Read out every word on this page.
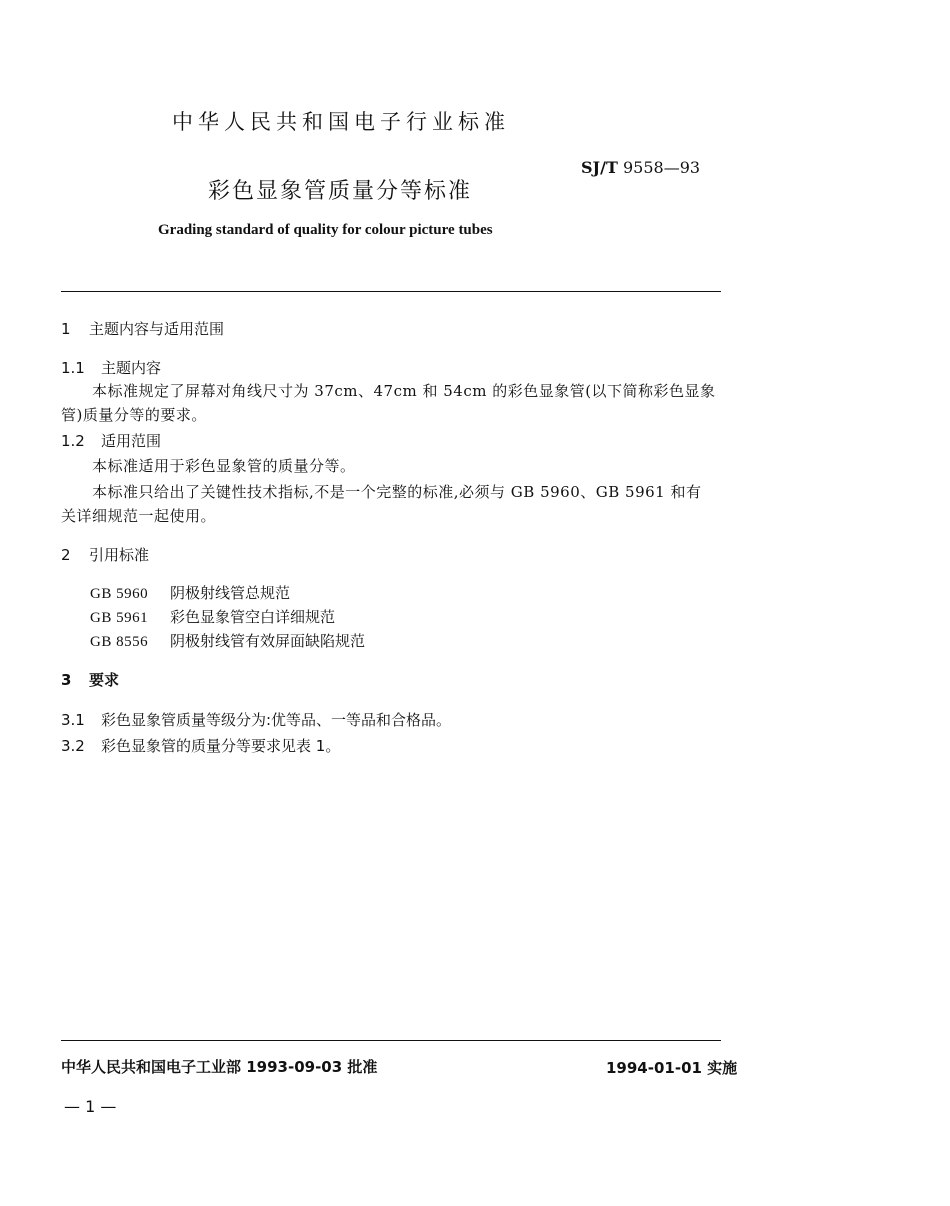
中华人民共和国电子行业标准
SJ/T 9558—93
彩色显象管质量分等标准
Grading standard of quality for colour picture tubes
1 主题内容与适用范围
1.1 主题内容
本标准规定了屏幕对角线尺寸为 37cm、47cm 和 54cm 的彩色显象管(以下简称彩色显象
管)质量分等的要求。
1.2 适用范围
本标准适用于彩色显象管的质量分等。
本标准只给出了关键性技术指标,不是一个完整的标准,必须与 GB 5960、GB 5961 和有
关详细规范一起使用。
2 引用标准
GB 5960 阴极射线管总规范
GB 5961 彩色显象管空白详细规范
GB 8556 阴极射线管有效屏面缺陷规范
3 要求
3.1 彩色显象管质量等级分为:优等品、一等品和合格品。
3.2 彩色显象管的质量分等要求见表 1。
中华人民共和国电子工业部 1993-09-03 批准	1994-01-01 实施
— 1 —
